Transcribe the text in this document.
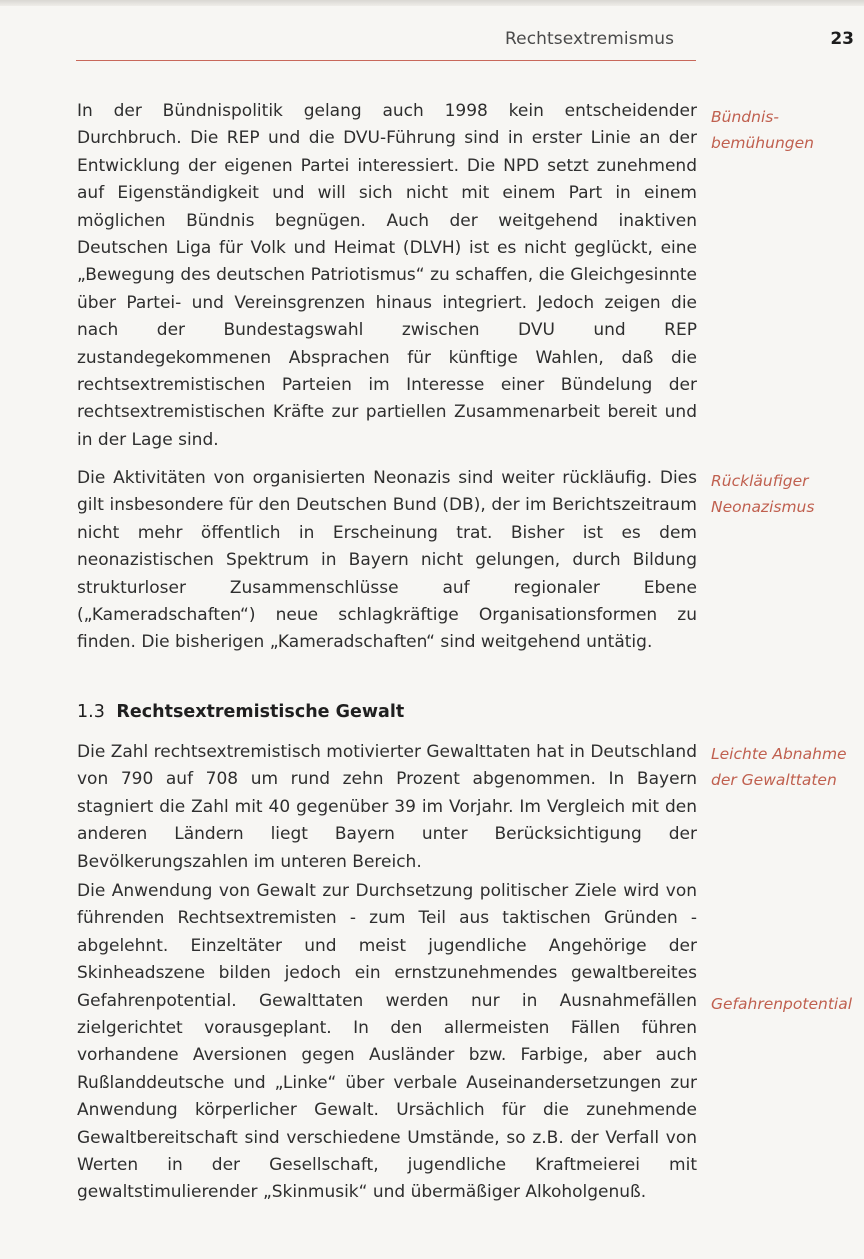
Rechtsextremismus	23

In der Bündnispolitik gelang auch 1998 kein entscheidender Durchbruch. Die REP und die DVU-Führung sind in erster Linie an der Entwicklung der eigenen Partei interessiert. Die NPD setzt zunehmend auf Eigenständigkeit und will sich nicht mit einem Part in einem möglichen Bündnis begnügen. Auch der weitgehend inaktiven Deutschen Liga für Volk und Heimat (DLVH) ist es nicht geglückt, eine „Bewegung des deutschen Patriotismus“ zu schaffen, die Gleichgesinnte über Partei- und Vereinsgrenzen hinaus integriert. Jedoch zeigen die nach der Bundestagswahl zwischen DVU und REP zustandegekommenen Absprachen für künftige Wahlen, daß die rechtsextremistischen Parteien im Interesse einer Bündelung der rechtsextremistischen Kräfte zur partiellen Zusammenarbeit bereit und in der Lage sind.

Die Aktivitäten von organisierten Neonazis sind weiter rückläufig. Dies gilt insbesondere für den Deutschen Bund (DB), der im Berichtszeitraum nicht mehr öffentlich in Erscheinung trat. Bisher ist es dem neonazistischen Spektrum in Bayern nicht gelungen, durch Bildung strukturloser Zusammenschlüsse auf regionaler Ebene („Kameradschaften“) neue schlagkräftige Organisationsformen zu finden. Die bisherigen „Kameradschaften“ sind weitgehend untätig.

1.3 Rechtsextremistische Gewalt

Die Zahl rechtsextremistisch motivierter Gewalttaten hat in Deutschland von 790 auf 708 um rund zehn Prozent abgenommen. In Bayern stagniert die Zahl mit 40 gegenüber 39 im Vorjahr. Im Vergleich mit den anderen Ländern liegt Bayern unter Berücksichtigung der Bevölkerungszahlen im unteren Bereich.

Die Anwendung von Gewalt zur Durchsetzung politischer Ziele wird von führenden Rechtsextremisten - zum Teil aus taktischen Gründen - abgelehnt. Einzeltäter und meist jugendliche Angehörige der Skinheadszene bilden jedoch ein ernstzunehmendes gewaltbereites Gefahrenpotential. Gewalttaten werden nur in Ausnahmefällen zielgerichtet vorausgeplant. In den allermeisten Fällen führen vorhandene Aversionen gegen Ausländer bzw. Farbige, aber auch Rußlanddeutsche und „Linke“ über verbale Auseinandersetzungen zur Anwendung körperlicher Gewalt. Ursächlich für die zunehmende Gewaltbereitschaft sind verschiedene Umstände, so z.B. der Verfall von Werten in der Gesellschaft, jugendliche Kraftmeierei mit gewaltstimulierender „Skinmusik“ und übermäßiger Alkoholgenuß.

Bündnis-
bemühungen
Rückläufiger
Neonazismus
Leichte Abnahme
der Gewalttaten
Gefahrenpotential
